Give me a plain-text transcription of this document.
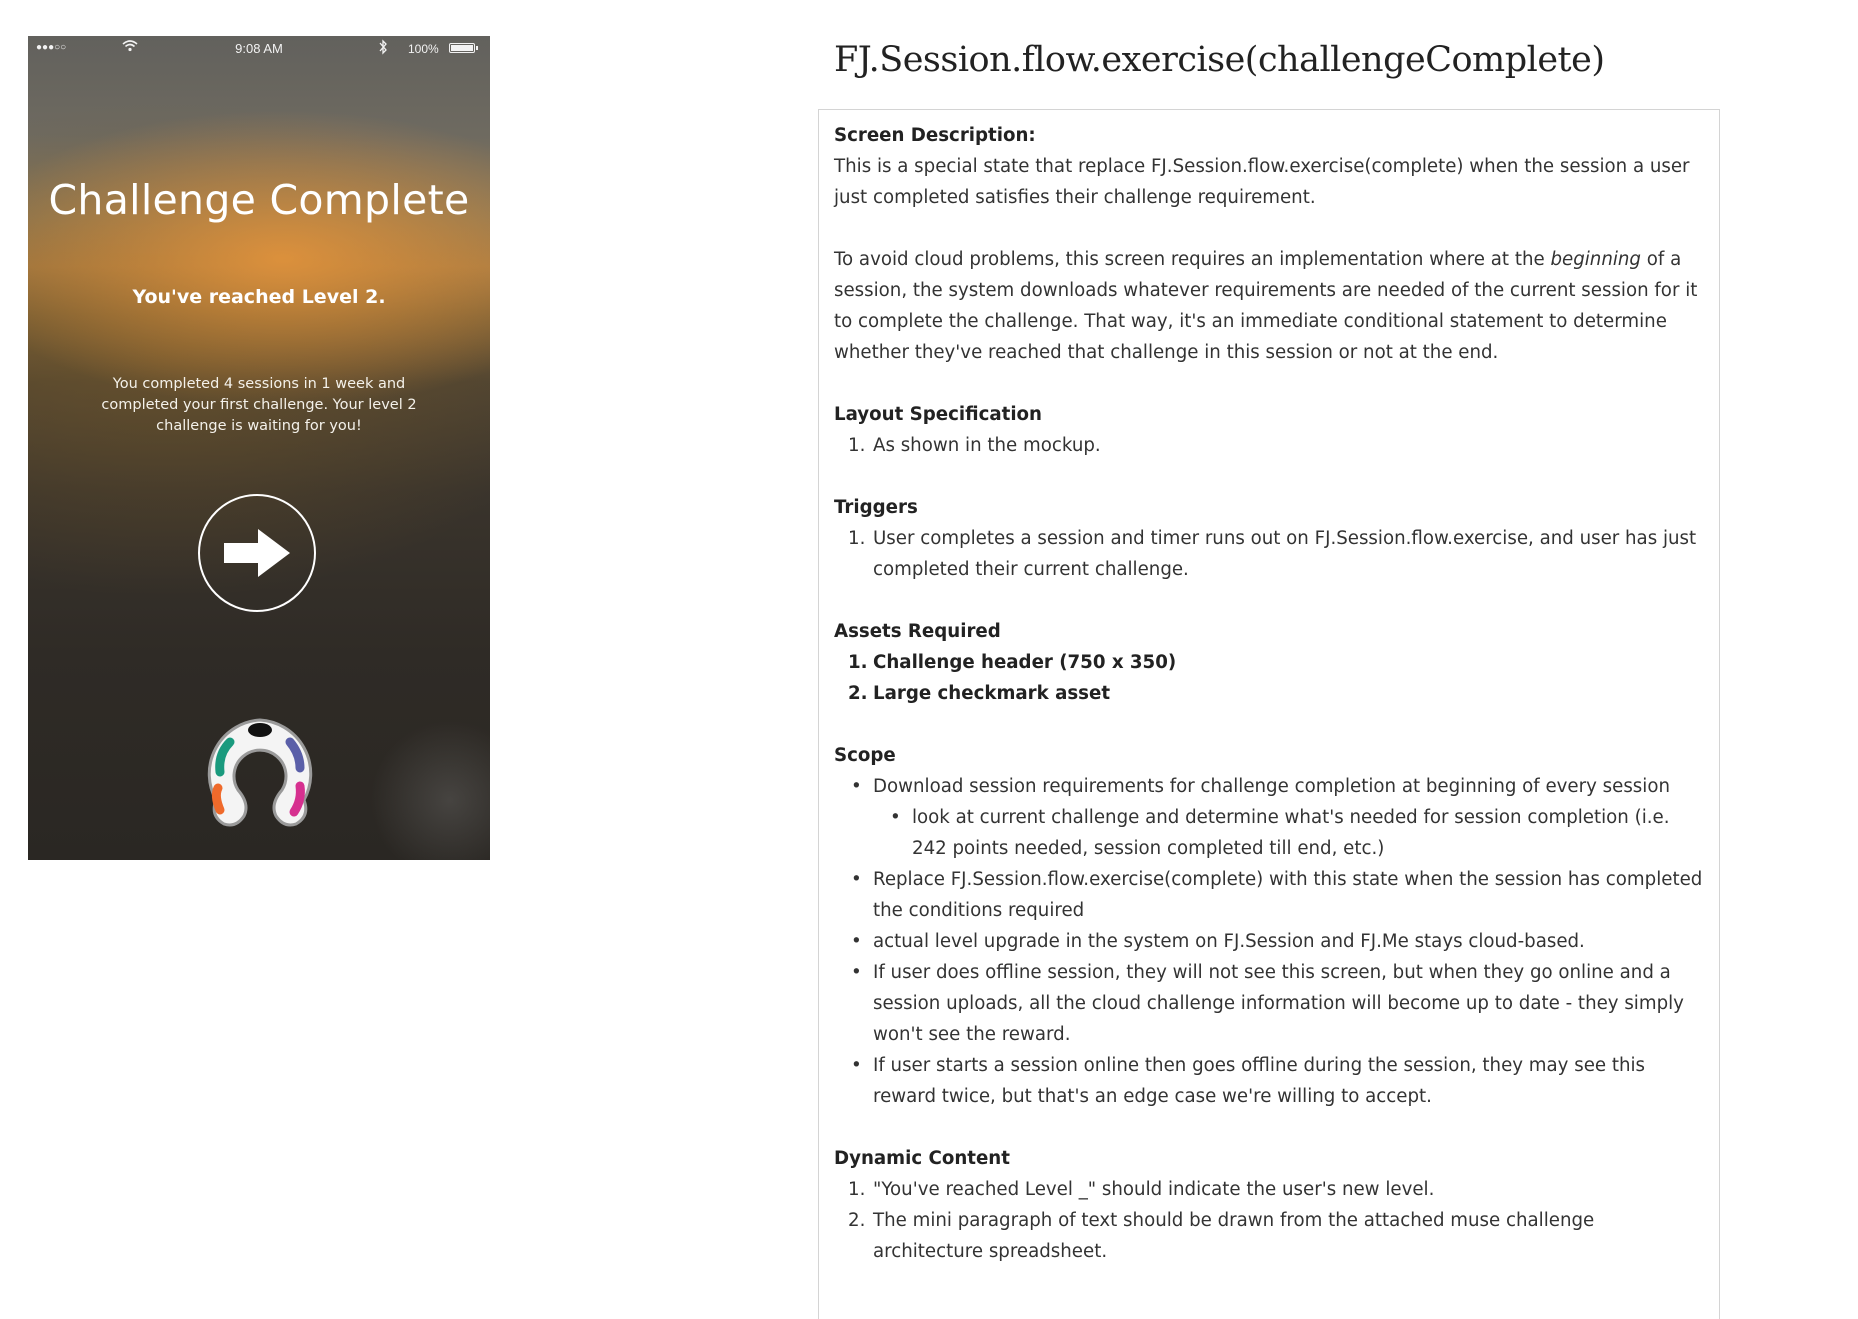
●●●○○	9:08 AM	100%
Challenge Complete
You've reached Level 2.
You completed 4 sessions in 1 week and completed your first challenge. Your level 2 challenge is waiting for you!
FJ.Session.flow.exercise(challengeComplete)
Screen Description:

This is a special state that replace FJ.Session.flow.exercise(complete) when the session a user just completed satisfies their challenge requirement.

To avoid cloud problems, this screen requires an implementation where at the beginning of a session, the system downloads whatever requirements are needed of the current session for it to complete the challenge. That way, it's an immediate conditional statement to determine whether they've reached that challenge in this session or not at the end.

Layout Specification
1. As shown in the mockup.
Triggers
1. User completes a session and timer runs out on FJ.Session.flow.exercise, and user has just completed their current challenge.
Assets Required
1. Challenge header (750 x 350)
2. Large checkmark asset
Scope
• Download session requirements for challenge completion at beginning of every session
• look at current challenge and determine what's needed for session completion (i.e. 242 points needed, session completed till end, etc.)
• Replace FJ.Session.flow.exercise(complete) with this state when the session has completed the conditions required
• actual level upgrade in the system on FJ.Session and FJ.Me stays cloud-based.
• If user does offline session, they will not see this screen, but when they go online and a session uploads, all the cloud challenge information will become up to date - they simply won't see the reward.
• If user starts a session online then goes offline during the session, they may see this reward twice, but that's an edge case we're willing to accept.
Dynamic Content
1. "You've reached Level _" should indicate the user's new level.
2. The mini paragraph of text should be drawn from the attached muse challenge architecture spreadsheet.
